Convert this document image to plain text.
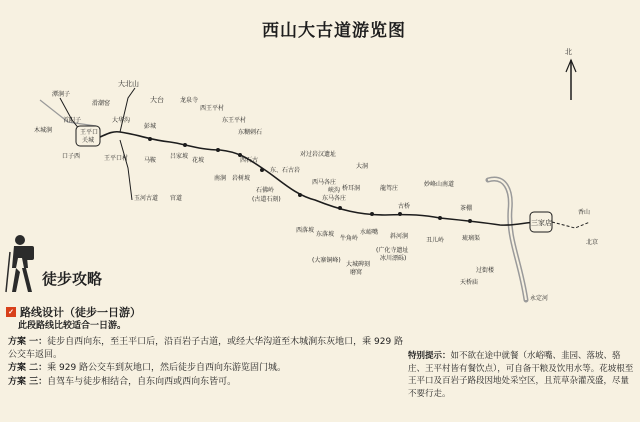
西山大古道游览图
北
潭涧子
木城涧
首阳子
口子西
王平口
关城
滑潮窑
大北山
大华沟
彭城
大台	龙泉寺
西王平村
东王平村
王平口村	花坡
吕家坡
马鞍
玉河古道 官道
东糊刺石
西石古
岩树坡
南涧
石佛岭
(古道石刻)
东、石古岩
对过岩汉遗址
西马各庄
大洞
东马各庄
峡沟 桥耳洞	龍驾庄
妙峰山南道
古桥
牛角岭
水峪嘴
西落坡
东落坡	斜河涧
(广化寺遗址
冰川漂砾)
(大寨铜峰)
大城碑刻
磨窝
丑儿岭
茶棚
琉璃渠
过街楼
天桥庙
三家店
香山
北京
永定河
徒步攻略
✓ 路线设计（徒步一日游）
此段路线比较适合一日游。
方案 一：徒步自西向东，至王平口后，沿百岩子古道，或经大华沟道至木城涧东灰地口，乘 929 路公交车返回。
方案 二：乘 929 路公交车到灰地口，然后徒步自西向东游览固门城。
方案 三：自驾车与徒步相结合，自东向西或西向东皆可。
特别提示：如不欲在途中就餐（水峪嘴、韭园、落坡、骆庄、王平村皆有餐饮点），可自备干粮及饮用水等。花坡根至王平口及百岩子路段因地处采空区，且荒草杂灌茂盛，尽量不要行走。
